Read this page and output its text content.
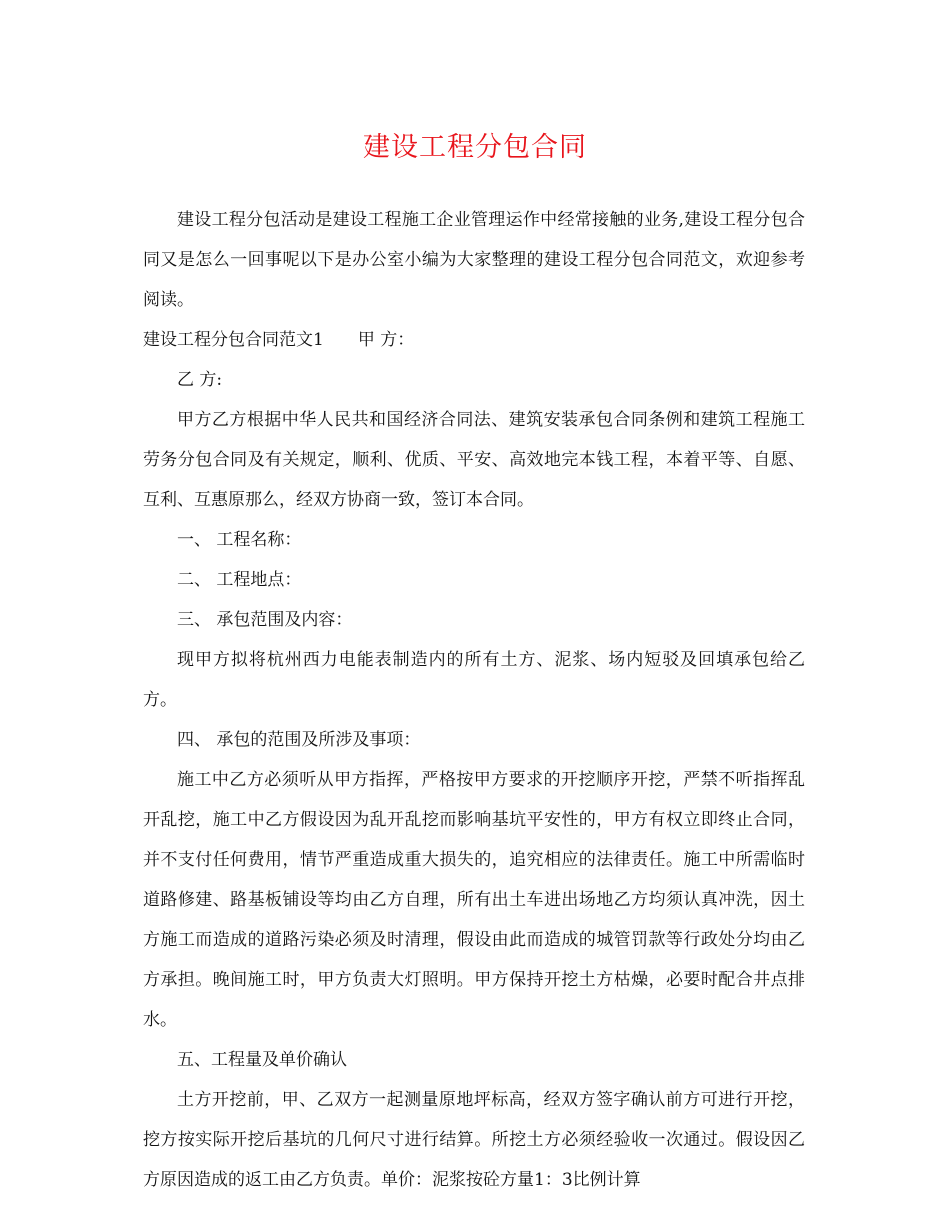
建设工程分包合同

建设工程分包活动是建设工程施工企业管理运作中经常接触的业务,建设工程分包合同又是怎么一回事呢以下是办公室小编为大家整理的建设工程分包合同范文，欢迎参考阅读。

建设工程分包合同范文1 甲 方：

乙 方:

甲方乙方根据中华人民共和国经济合同法、建筑安装承包合同条例和建筑工程施工劳务分包合同及有关规定，顺利、优质、平安、高效地完本钱工程，本着平等、自愿、互利、互惠原那么，经双方协商一致，签订本合同。

一、 工程名称：

二、 工程地点：

三、 承包范围及内容：

现甲方拟将杭州西力电能表制造内的所有土方、泥浆、场内短驳及回填承包给乙方。

四、 承包的范围及所涉及事项：

施工中乙方必须听从甲方指挥，严格按甲方要求的开挖顺序开挖，严禁不听指挥乱开乱挖，施工中乙方假设因为乱开乱挖而影响基坑平安性的，甲方有权立即终止合同，并不支付任何费用，情节严重造成重大损失的，追究相应的法律责任。施工中所需临时道路修建、路基板铺设等均由乙方自理，所有出土车进出场地乙方均须认真冲洗，因土方施工而造成的道路污染必须及时清理，假设由此而造成的城管罚款等行政处分均由乙方承担。晚间施工时，甲方负责大灯照明。甲方保持开挖土方枯燥，必要时配合井点排水。

五、工程量及单价确认

土方开挖前，甲、乙双方一起测量原地坪标高，经双方签字确认前方可进行开挖，挖方按实际开挖后基坑的几何尺寸进行结算。所挖土方必须经验收一次通过。假设因乙方原因造成的返工由乙方负责。单价：泥浆按砼方量1：3比例计算
